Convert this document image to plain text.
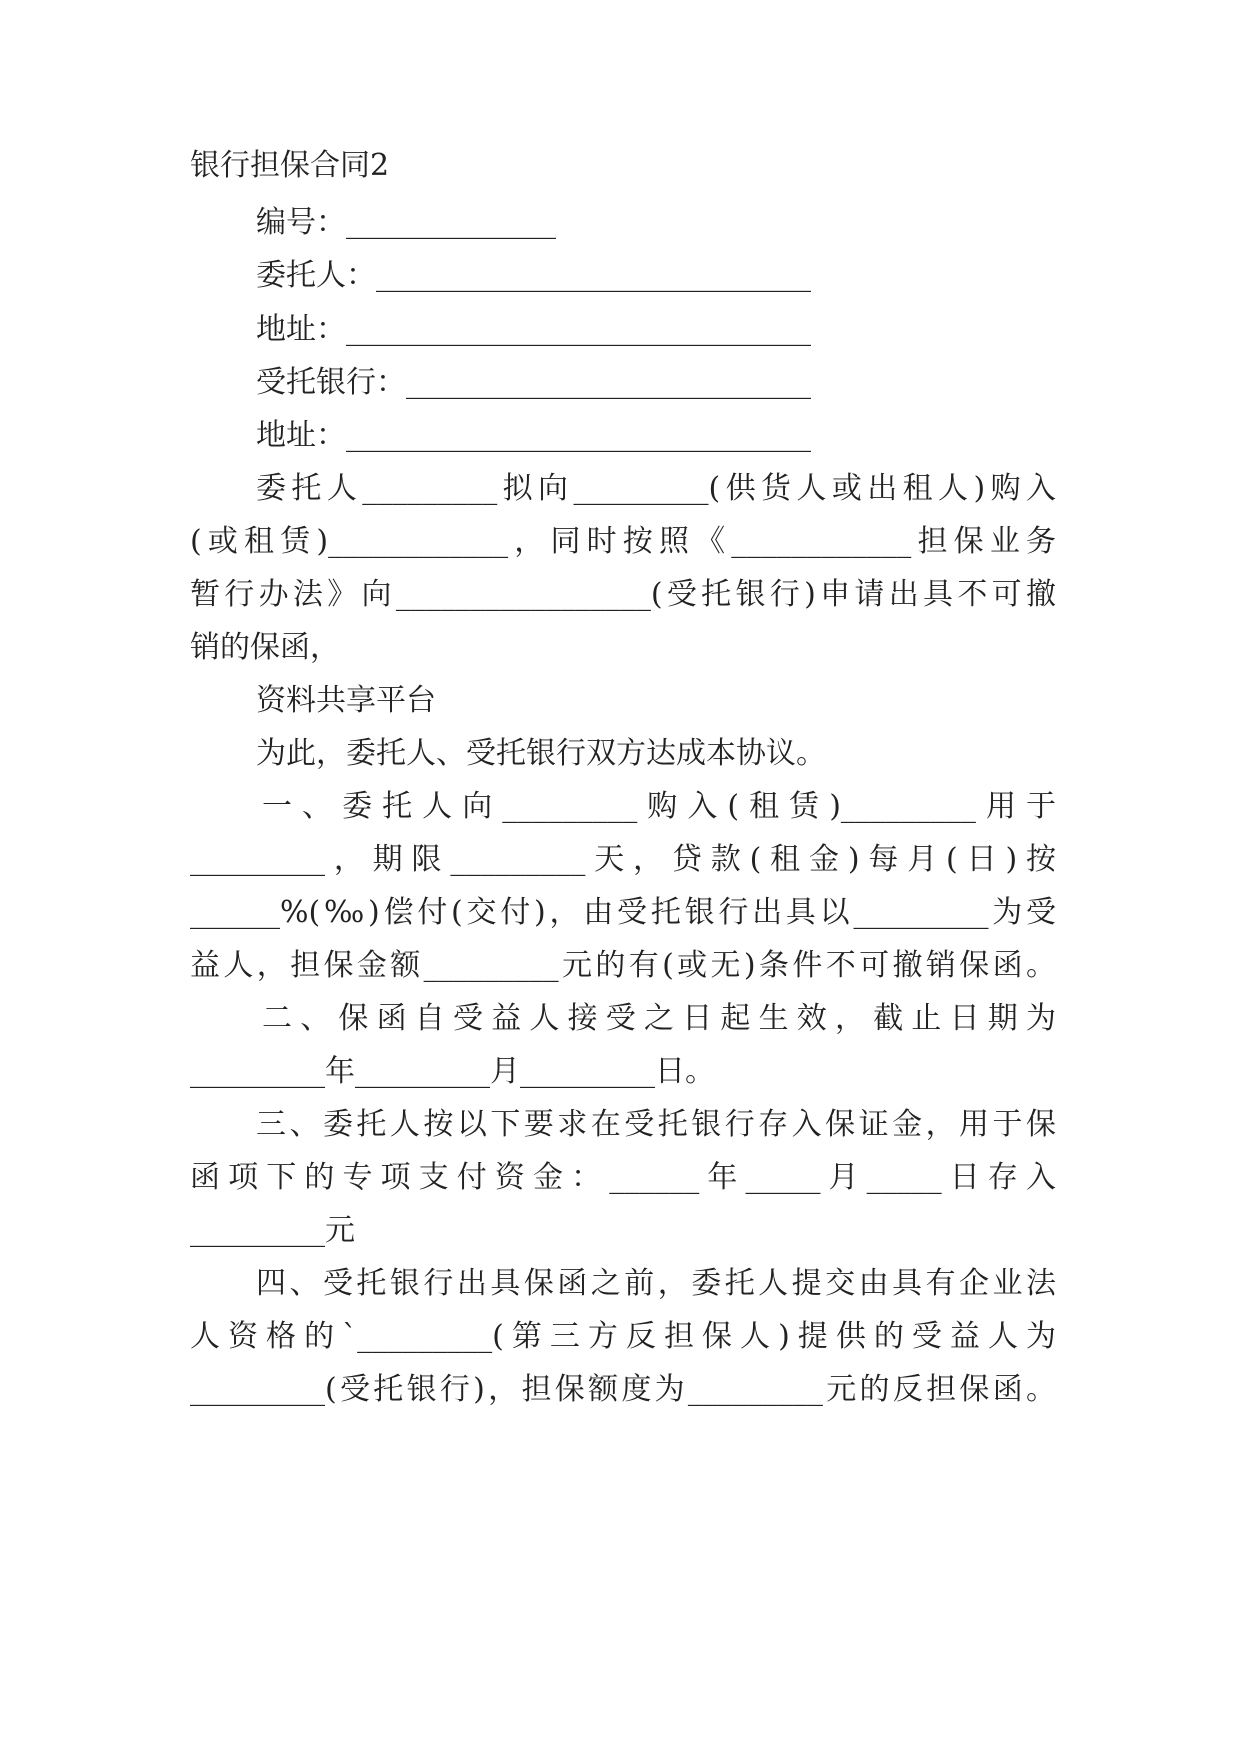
银行担保合同2
编号：______________
委托人：_____________________________
地址：_______________________________
受托银行：___________________________
地址：_______________________________
委托人_________拟向_________(供货人或出租人)购入
(或租赁)____________，同时按照《____________担保业务
暂行办法》向_________________(受托银行)申请出具不可撤
销的保函，
资料共享平台
为此，委托人、受托银行双方达成本协议。
一、委托人向_________购入(租赁)_________用于
_________，期限_________天，贷款(租金)每月(日)按
______%(‰)偿付(交付)，由受托银行出具以_________为受
益人，担保金额_________元的有(或无)条件不可撤销保函。
二、保函自受益人接受之日起生效，截止日期为
_________年_________月_________日。
三、委托人按以下要求在受托银行存入保证金，用于保
函项下的专项支付资金：______年_____月_____日存入
_________元
四、受托银行出具保函之前，委托人提交由具有企业法
人资格的`_________(第三方反担保人)提供的受益人为
_________(受托银行)，担保额度为_________元的反担保函。
